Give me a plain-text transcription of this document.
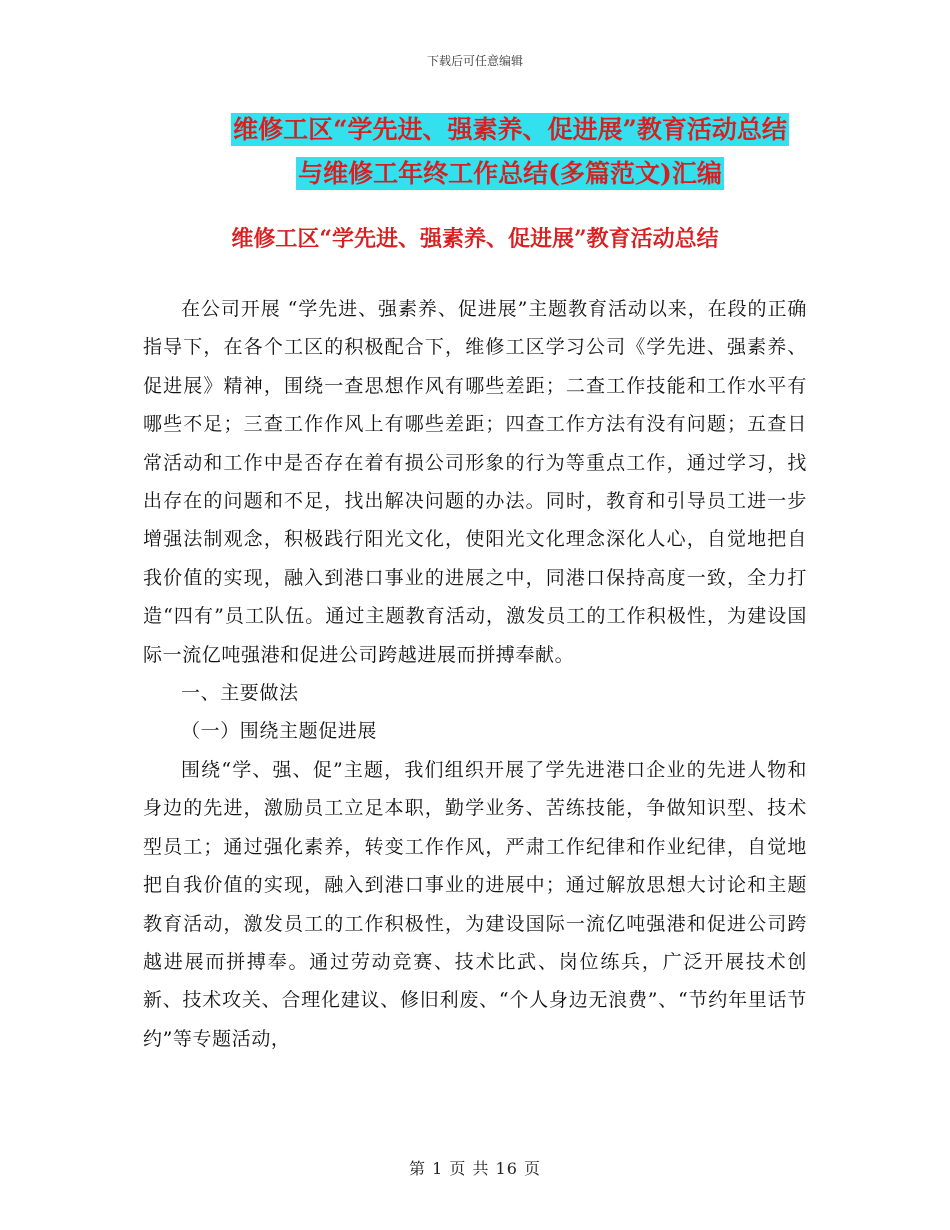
下载后可任意编辑
维修工区“学先进、强素养、促进展”教育活动总结
与维修工年终工作总结(多篇范文)汇编
维修工区“学先进、强素养、促进展”教育活动总结

在公司开展 “学先进、强素养、促进展”主题教育活动以来，在段的正确指导下，在各个工区的积极配合下，维修工区学习公司《学先进、强素养、促进展》精神，围绕一查思想作风有哪些差距；二查工作技能和工作水平有哪些不足；三查工作作风上有哪些差距；四查工作方法有没有问题；五查日常活动和工作中是否存在着有损公司形象的行为等重点工作，通过学习，找出存在的问题和不足，找出解决问题的办法。同时，教育和引导员工进一步增强法制观念，积极践行阳光文化，使阳光文化理念深化人心，自觉地把自我价值的实现，融入到港口事业的进展之中，同港口保持高度一致，全力打造“四有”员工队伍。通过主题教育活动，激发员工的工作积极性，为建设国际一流亿吨强港和促进公司跨越进展而拼搏奉献。

一、主要做法

（一）围绕主题促进展

围绕“学、强、促”主题，我们组织开展了学先进港口企业的先进人物和身边的先进，激励员工立足本职，勤学业务、苦练技能，争做知识型、技术型员工；通过强化素养，转变工作作风，严肃工作纪律和作业纪律，自觉地把自我价值的实现，融入到港口事业的进展中；通过解放思想大讨论和主题教育活动，激发员工的工作积极性，为建设国际一流亿吨强港和促进公司跨越进展而拼搏奉。通过劳动竞赛、技术比武、岗位练兵，广泛开展技术创新、技术攻关、合理化建议、修旧利废、“个人身边无浪费”、“节约年里话节约”等专题活动，

第 1 页 共 16 页
